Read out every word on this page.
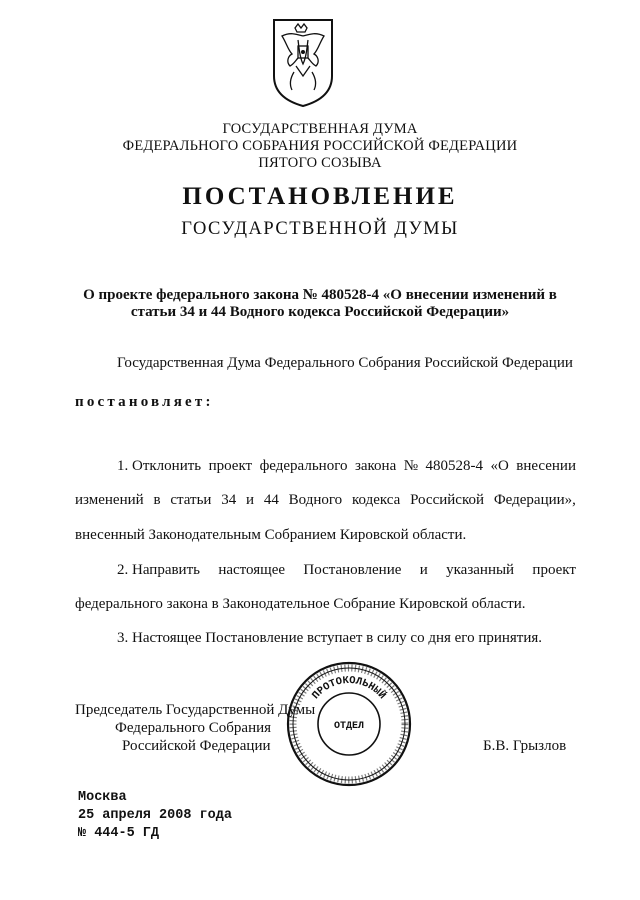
ГОСУДАРСТВЕННАЯ ДУМА
ФЕДЕРАЛЬНОГО СОБРАНИЯ РОССИЙСКОЙ ФЕДЕРАЦИИ
ПЯТОГО СОЗЫВА
ПОСТАНОВЛЕНИЕ
ГОСУДАРСТВЕННОЙ ДУМЫ
О проекте федерального закона № 480528-4 «О внесении изменений в
статьи 34 и 44 Водного кодекса Российской Федерации»
Государственная Дума Федерального Собрания Российской Федерации
постановляет:
1. Отклонить проект федерального закона № 480528-4 «О внесении
изменений в статьи 34 и 44 Водного кодекса Российской Федерации»,
внесенный Законодательным Собранием Кировской области.
2. Направить настоящее Постановление и указанный проект
федерального закона в Законодательное Собрание Кировской области.
3. Настоящее Постановление вступает в силу со дня его принятия.
Председатель Государственной Думы
Федерального Собрания
Российской Федерации	Б.В. Грызлов
ПРОТОКОЛЬНЫЙ
ОТДЕЛ
Москва
25 апреля 2008 года
№ 444-5 ГД
